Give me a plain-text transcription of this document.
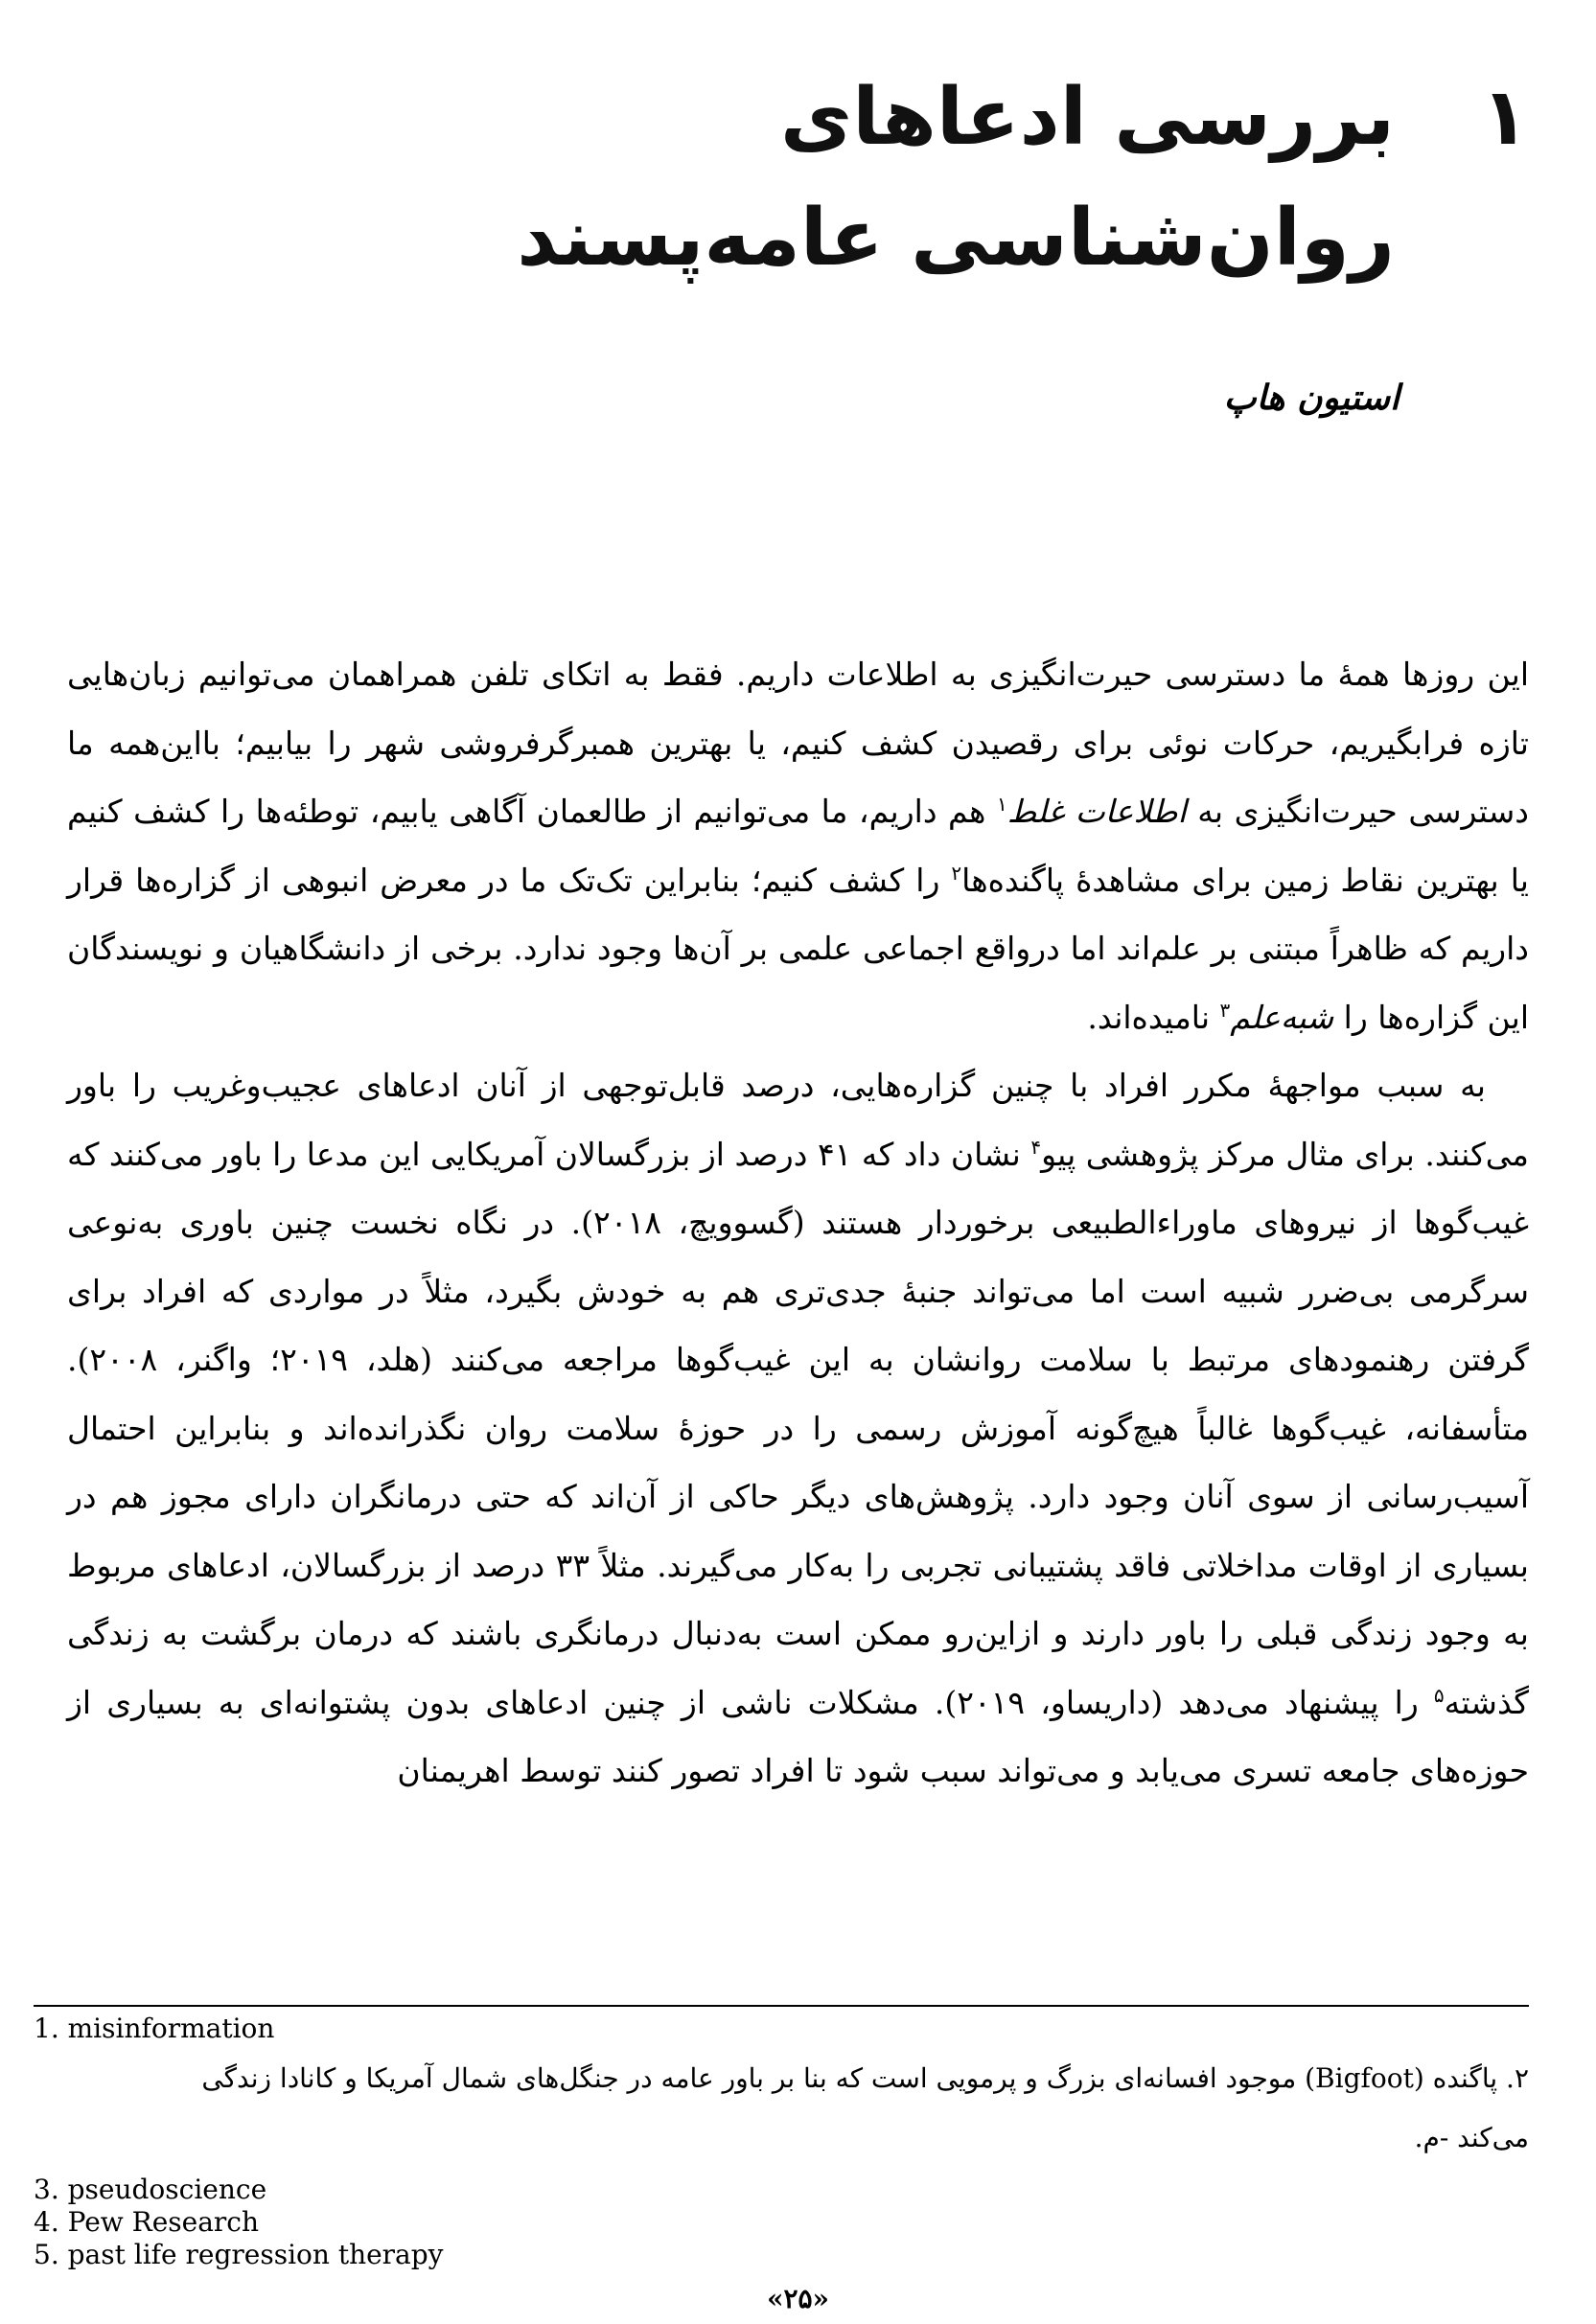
۱بررسی ادعاهای
روان‌شناسی عامه‌پسند
استیون هاپ

این روزها همهٔ ما دسترسی حیرت‌انگیزی به اطلاعات داریم. فقط به اتکای تلفن همراهمان می‌توانیم زبان‌هایی تازه فرابگیریم، حرکات نوئی برای رقصیدن کشف کنیم، یا بهترین همبرگرفروشی شهر را بیابیم؛ بااین‌همه ما دسترسی حیرت‌انگیزی به اطلاعات غلط$^۱$ هم داریم، ما می‌توانیم از طالعمان آگاهی یابیم، توطئه‌ها را کشف کنیم یا بهترین نقاط زمین برای مشاهدهٔ پاگنده‌ها$^۲$ را کشف کنیم؛ بنابراین تک‌تک ما در معرض انبوهی از گزاره‌ها قرار داریم که ظاهراً مبتنی بر علم‌اند اما درواقع اجماعی علمی بر آن‌ها وجود ندارد. برخی از دانشگاهیان و نویسندگان این گزاره‌ها را شبه‌علم$^۳$ نامیده‌اند.

به سبب مواجههٔ مکرر افراد با چنین گزاره‌هایی، درصد قابل‌توجهی از آنان ادعاهای عجیب‌وغریب را باور می‌کنند. برای مثال مرکز پژوهشی پیو$^۴$ نشان داد که ۴۱ درصد از بزرگسالان آمریکایی این مدعا را باور می‌کنند که غیب‌گوها از نیروهای ماوراءالطبیعی برخوردار هستند (گسوویچ، ۲۰۱۸). در نگاه نخست چنین باوری به‌نوعی سرگرمی بی‌ضرر شبیه است اما می‌تواند جنبهٔ جدی‌تری هم به خودش بگیرد، مثلاً در مواردی که افراد برای گرفتن رهنمودهای مرتبط با سلامت روانشان به این غیب‌گوها مراجعه می‌کنند (هلد، ۲۰۱۹؛ واگنر، ۲۰۰۸). متأسفانه، غیب‌گوها غالباً هیچ‌گونه آموزش رسمی را در حوزهٔ سلامت روان نگذرانده‌اند و بنابراین احتمال آسیب‌رسانی از سوی آنان وجود دارد. پژوهش‌های دیگر حاکی از آن‌اند که حتی درمانگران دارای مجوز هم در بسیاری از اوقات مداخلاتی فاقد پشتیبانی تجربی را به‌کار می‌گیرند. مثلاً ۳۳ درصد از بزرگسالان، ادعاهای مربوط به وجود زندگی قبلی را باور دارند و ازاین‌رو ممکن است به‌دنبال درمانگری باشند که درمان برگشت به زندگی گذشته$^۵$ را پیشنهاد می‌دهد (داریساو، ۲۰۱۹). مشکلات ناشی از چنین ادعاهای بدون پشتوانه‌ای به بسیاری از حوزه‌های جامعه تسری می‌یابد و می‌تواند سبب شود تا افراد تصور کنند توسط اهریمنان

1. misinformation

۲. پاگنده (Bigfoot) موجود افسانه‌ای بزرگ و پرمویی است که بنا بر باور عامه در جنگل‌های شمال آمریکا و کانادا زندگی

می‌کند -م.

3. pseudoscience

4. Pew Research

5. past life regression therapy

«۲۵»
